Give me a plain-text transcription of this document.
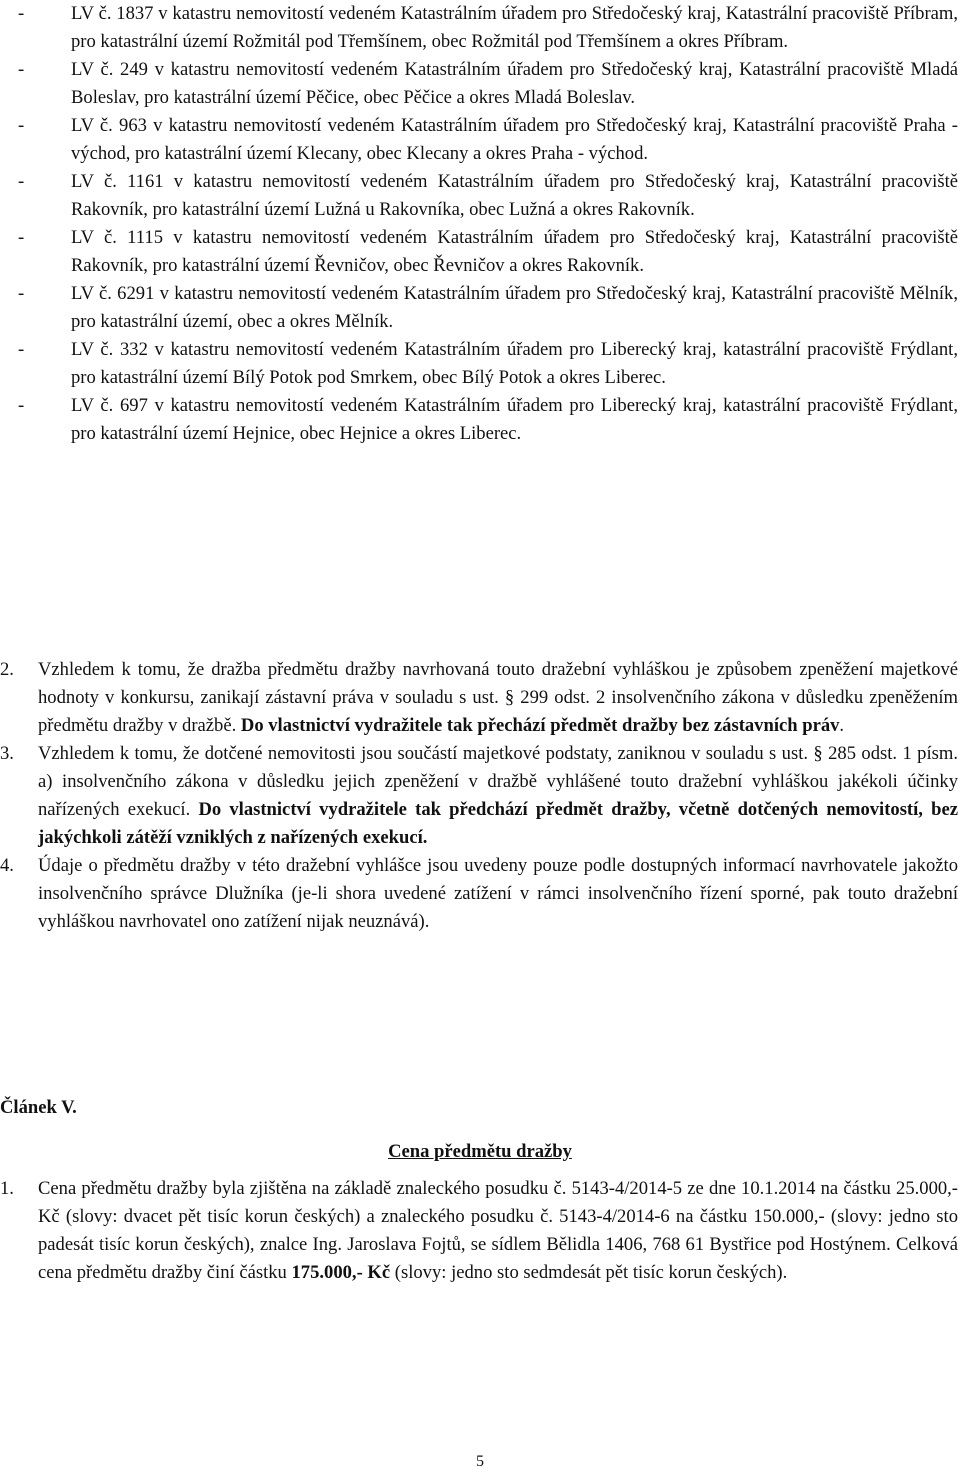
-	LV č. 1837 v katastru nemovitostí vedeném Katastrálním úřadem pro Středočeský kraj, Katastrální pracoviště Příbram, pro katastrální území Rožmitál pod Třemšínem, obec Rožmitál pod Třemšínem a okres Příbram.
-	LV č. 249 v katastru nemovitostí vedeném Katastrálním úřadem pro Středočeský kraj, Katastrální pracoviště Mladá Boleslav, pro katastrální území Pěčice, obec Pěčice a okres Mladá Boleslav.
-	LV č. 963 v katastru nemovitostí vedeném Katastrálním úřadem pro Středočeský kraj, Katastrální pracoviště Praha - východ, pro katastrální území Klecany, obec Klecany a okres Praha - východ.
-	LV č. 1161 v katastru nemovitostí vedeném Katastrálním úřadem pro Středočeský kraj, Katastrální pracoviště Rakovník, pro katastrální území Lužná u Rakovníka, obec Lužná a okres Rakovník.
-	LV č. 1115 v katastru nemovitostí vedeném Katastrálním úřadem pro Středočeský kraj, Katastrální pracoviště Rakovník, pro katastrální území Řevničov, obec Řevničov a okres Rakovník.
-	LV č. 6291 v katastru nemovitostí vedeném Katastrálním úřadem pro Středočeský kraj, Katastrální pracoviště Mělník, pro katastrální území, obec a okres Mělník.
-	LV č. 332 v katastru nemovitostí vedeném Katastrálním úřadem pro Liberecký kraj, katastrální pracoviště Frýdlant, pro katastrální území Bílý Potok pod Smrkem, obec Bílý Potok a okres Liberec.
-	LV č. 697 v katastru nemovitostí vedeném Katastrálním úřadem pro Liberecký kraj, katastrální pracoviště Frýdlant, pro katastrální území Hejnice, obec Hejnice a okres Liberec.
2. Vzhledem k tomu, že dražba předmětu dražby navrhovaná touto dražební vyhláškou je způsobem zpeněžení majetkové hodnoty v konkursu, zanikají zástavní práva v souladu s ust. § 299 odst. 2 insolvenčního zákona v důsledku zpeněžením předmětu dražby v dražbě. Do vlastnictví vydražitele tak přechází předmět dražby bez zástavních práv.
3. Vzhledem k tomu, že dotčené nemovitosti jsou součástí majetkové podstaty, zaniknou v souladu s ust. § 285 odst. 1 písm. a) insolvenčního zákona v důsledku jejich zpeněžení v dražbě vyhlášené touto dražební vyhláškou jakékoli účinky nařízených exekucí. Do vlastnictví vydražitele tak předchází předmět dražby, včetně dotčených nemovitostí, bez jakýchkoli zátěží vzniklých z nařízených exekucí.
4. Údaje o předmětu dražby v této dražební vyhlášce jsou uvedeny pouze podle dostupných informací navrhovatele jakožto insolvenčního správce Dlužníka (je-li shora uvedené zatížení v rámci insolvenčního řízení sporné, pak touto dražební vyhláškou navrhovatel ono zatížení nijak neuznává).
Článek V.
Cena předmětu dražby
1. Cena předmětu dražby byla zjištěna na základě znaleckého posudku č. 5143-4/2014-5 ze dne 10.1.2014 na částku 25.000,- Kč (slovy: dvacet pět tisíc korun českých) a znaleckého posudku č. 5143-4/2014-6 na částku 150.000,- (slovy: jedno sto padesát tisíc korun českých), znalce Ing. Jaroslava Fojtů, se sídlem Bělidla 1406, 768 61 Bystřice pod Hostýnem. Celková cena předmětu dražby činí částku 175.000,- Kč (slovy: jedno sto sedmdesát pět tisíc korun českých).
5
